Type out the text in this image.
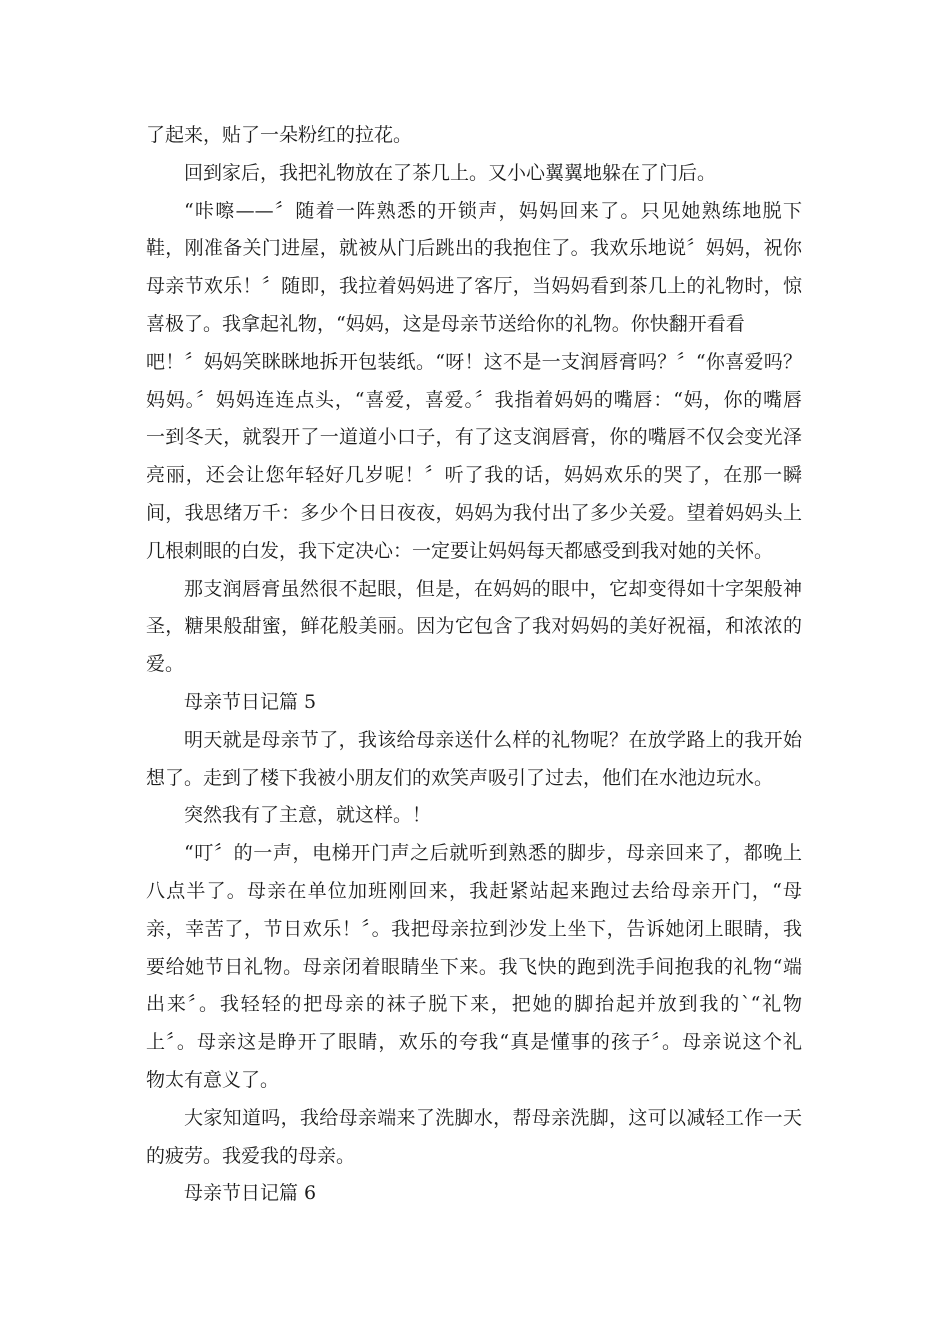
了起来，贴了一朵粉红的拉花。
回到家后，我把礼物放在了茶几上。又小心翼翼地躲在了门后。
“咔嚓——〞随着一阵熟悉的开锁声，妈妈回来了。只见她熟练地脱下
鞋，刚准备关门进屋，就被从门后跳出的我抱住了。我欢乐地说〞妈妈，祝你
母亲节欢乐！〞随即，我拉着妈妈进了客厅，当妈妈看到茶几上的礼物时，惊
喜极了。我拿起礼物，“妈妈，这是母亲节送给你的礼物。你快翻开看看
吧！〞妈妈笑眯眯地拆开包装纸。“呀！这不是一支润唇膏吗？〞“你喜爱吗？
妈妈。〞妈妈连连点头，“喜爱，喜爱。〞我指着妈妈的嘴唇：“妈，你的嘴唇
一到冬天，就裂开了一道道小口子，有了这支润唇膏，你的嘴唇不仅会变光泽
亮丽，还会让您年轻好几岁呢！〞听了我的话，妈妈欢乐的哭了，在那一瞬
间，我思绪万千：多少个日日夜夜，妈妈为我付出了多少关爱。望着妈妈头上
几根刺眼的白发，我下定决心：一定要让妈妈每天都感受到我对她的关怀。
那支润唇膏虽然很不起眼，但是，在妈妈的眼中，它却变得如十字架般神
圣，糖果般甜蜜，鲜花般美丽。因为它包含了我对妈妈的美好祝福，和浓浓的
爱。
母亲节日记篇 5
明天就是母亲节了，我该给母亲送什么样的礼物呢？在放学路上的我开始
想了。走到了楼下我被小朋友们的欢笑声吸引了过去，他们在水池边玩水。
突然我有了主意，就这样。！
“叮〞的一声，电梯开门声之后就听到熟悉的脚步，母亲回来了，都晚上
八点半了。母亲在单位加班刚回来，我赶紧站起来跑过去给母亲开门，“母
亲，幸苦了，节日欢乐！〞。我把母亲拉到沙发上坐下，告诉她闭上眼睛，我
要给她节日礼物。母亲闭着眼睛坐下来。我飞快的跑到洗手间抱我的礼物“端
出来〞。我轻轻的把母亲的袜子脱下来，把她的脚抬起并放到我的`“礼物
上〞。母亲这是睁开了眼睛，欢乐的夸我“真是懂事的孩子〞。母亲说这个礼
物太有意义了。
大家知道吗，我给母亲端来了洗脚水，帮母亲洗脚，这可以减轻工作一天
的疲劳。我爱我的母亲。
母亲节日记篇 6
